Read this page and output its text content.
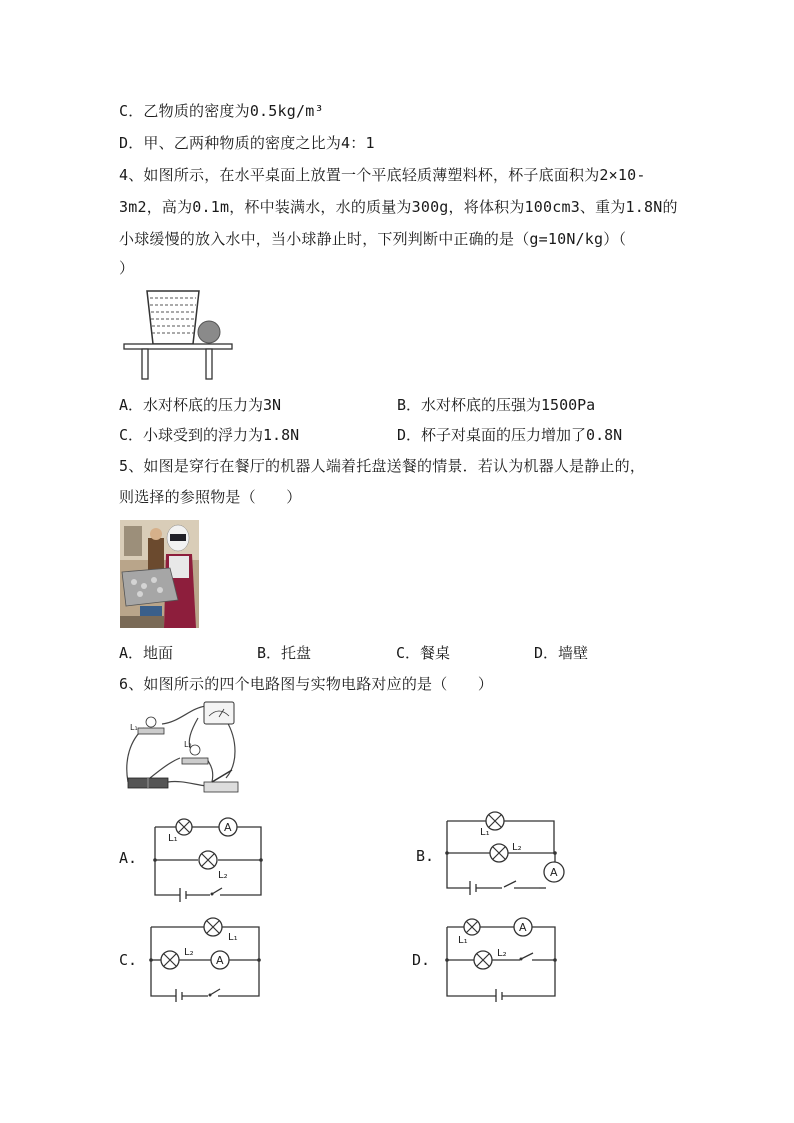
C．乙物质的密度为0.5kg/m³
D．甲、乙两种物质的密度之比为4：1
4、如图所示，在水平桌面上放置一个平底轻质薄塑料杯，杯子底面积为2×10-
3m2，高为0.1m，杯中装满水，水的质量为300g，将体积为100cm3、重为1.8N的
小球缓慢的放入水中，当小球静止时，下列判断中正确的是（g=10N/kg）（
）
A．水对杯底的压力为3N	B．水对杯底的压强为1500Pa
C．小球受到的浮力为1.8N	D．杯子对桌面的压力增加了0.8N
5、如图是穿行在餐厅的机器人端着托盘送餐的情景．若认为机器人是静止的，
则选择的参照物是（　　）
A．地面	B．托盘	C．餐桌	D．墙壁
6、如图所示的四个电路图与实物电路对应的是（　　）
L₁
L₂
A.	B.
C.	D.
A
L₁
L₂	A
L₁
L₂
A
L₁
L₂
A
L₁
L₂
